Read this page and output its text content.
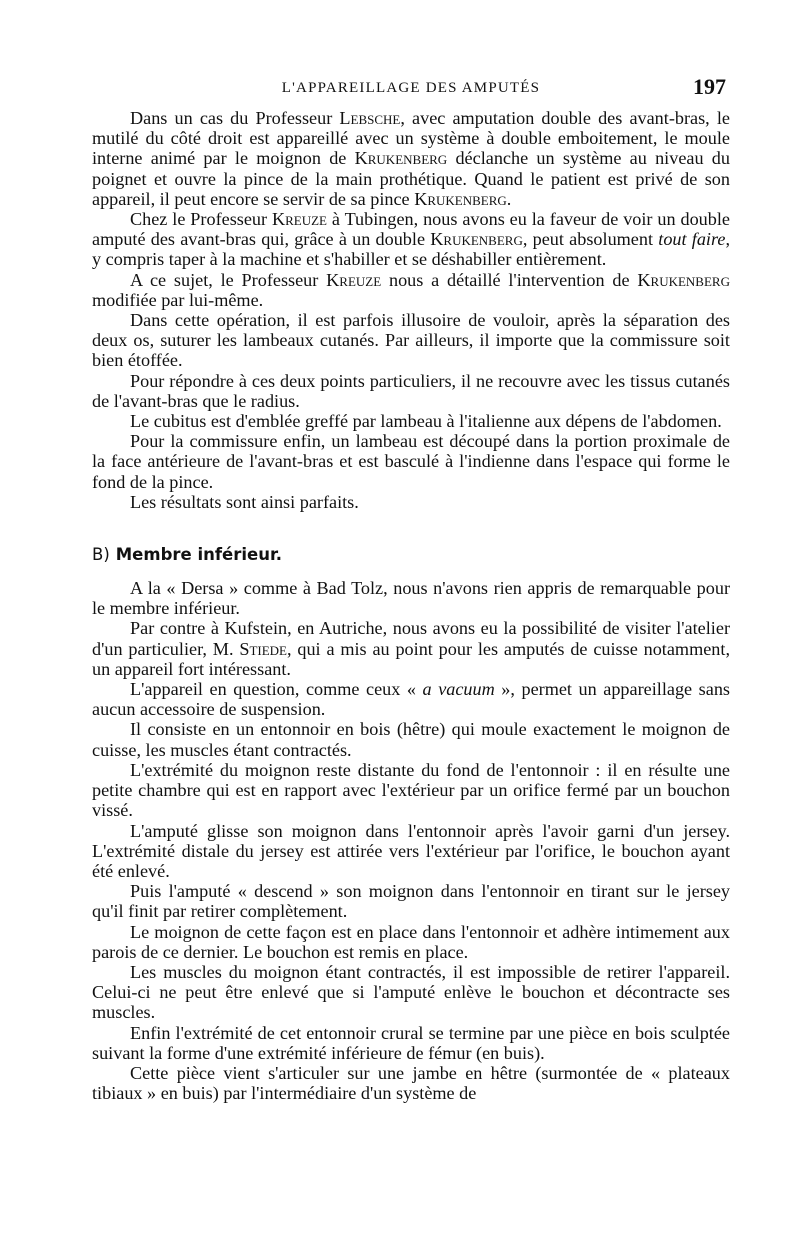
L'APPAREILLAGE DES AMPUTÉS	197

Dans un cas du Professeur Lebsche, avec amputation double des avant-bras, le mutilé du côté droit est appareillé avec un système à double emboitement, le moule interne animé par le moignon de Krukenberg déclanche un système au niveau du poignet et ouvre la pince de la main prothétique. Quand le patient est privé de son appareil, il peut encore se servir de sa pince Krukenberg.

Chez le Professeur Kreuze à Tubingen, nous avons eu la faveur de voir un double amputé des avant-bras qui, grâce à un double Krukenberg, peut absolument tout faire, y compris taper à la machine et s'habiller et se déshabiller entièrement.

A ce sujet, le Professeur Kreuze nous a détaillé l'intervention de Krukenberg modifiée par lui-même.

Dans cette opération, il est parfois illusoire de vouloir, après la séparation des deux os, suturer les lambeaux cutanés. Par ailleurs, il importe que la commissure soit bien étoffée.

Pour répondre à ces deux points particuliers, il ne recouvre avec les tissus cutanés de l'avant-bras que le radius.

Le cubitus est d'emblée greffé par lambeau à l'italienne aux dépens de l'abdomen.

Pour la commissure enfin, un lambeau est découpé dans la portion proximale de la face antérieure de l'avant-bras et est basculé à l'indienne dans l'espace qui forme le fond de la pince.

Les résultats sont ainsi parfaits.

B) Membre inférieur.

A la « Dersa » comme à Bad Tolz, nous n'avons rien appris de remarquable pour le membre inférieur.

Par contre à Kufstein, en Autriche, nous avons eu la possibilité de visiter l'atelier d'un particulier, M. Stiede, qui a mis au point pour les amputés de cuisse notamment, un appareil fort intéressant.

L'appareil en question, comme ceux « a vacuum », permet un appareillage sans aucun accessoire de suspension.

Il consiste en un entonnoir en bois (hêtre) qui moule exactement le moignon de cuisse, les muscles étant contractés.

L'extrémité du moignon reste distante du fond de l'entonnoir : il en résulte une petite chambre qui est en rapport avec l'extérieur par un orifice fermé par un bouchon vissé.

L'amputé glisse son moignon dans l'entonnoir après l'avoir garni d'un jersey. L'extrémité distale du jersey est attirée vers l'extérieur par l'orifice, le bouchon ayant été enlevé.

Puis l'amputé « descend » son moignon dans l'entonnoir en tirant sur le jersey qu'il finit par retirer complètement.

Le moignon de cette façon est en place dans l'entonnoir et adhère intimement aux parois de ce dernier. Le bouchon est remis en place.

Les muscles du moignon étant contractés, il est impossible de retirer l'appareil. Celui-ci ne peut être enlevé que si l'amputé enlève le bouchon et décontracte ses muscles.

Enfin l'extrémité de cet entonnoir crural se termine par une pièce en bois sculptée suivant la forme d'une extrémité inférieure de fémur (en buis).

Cette pièce vient s'articuler sur une jambe en hêtre (surmontée de « plateaux tibiaux » en buis) par l'intermédiaire d'un système de
